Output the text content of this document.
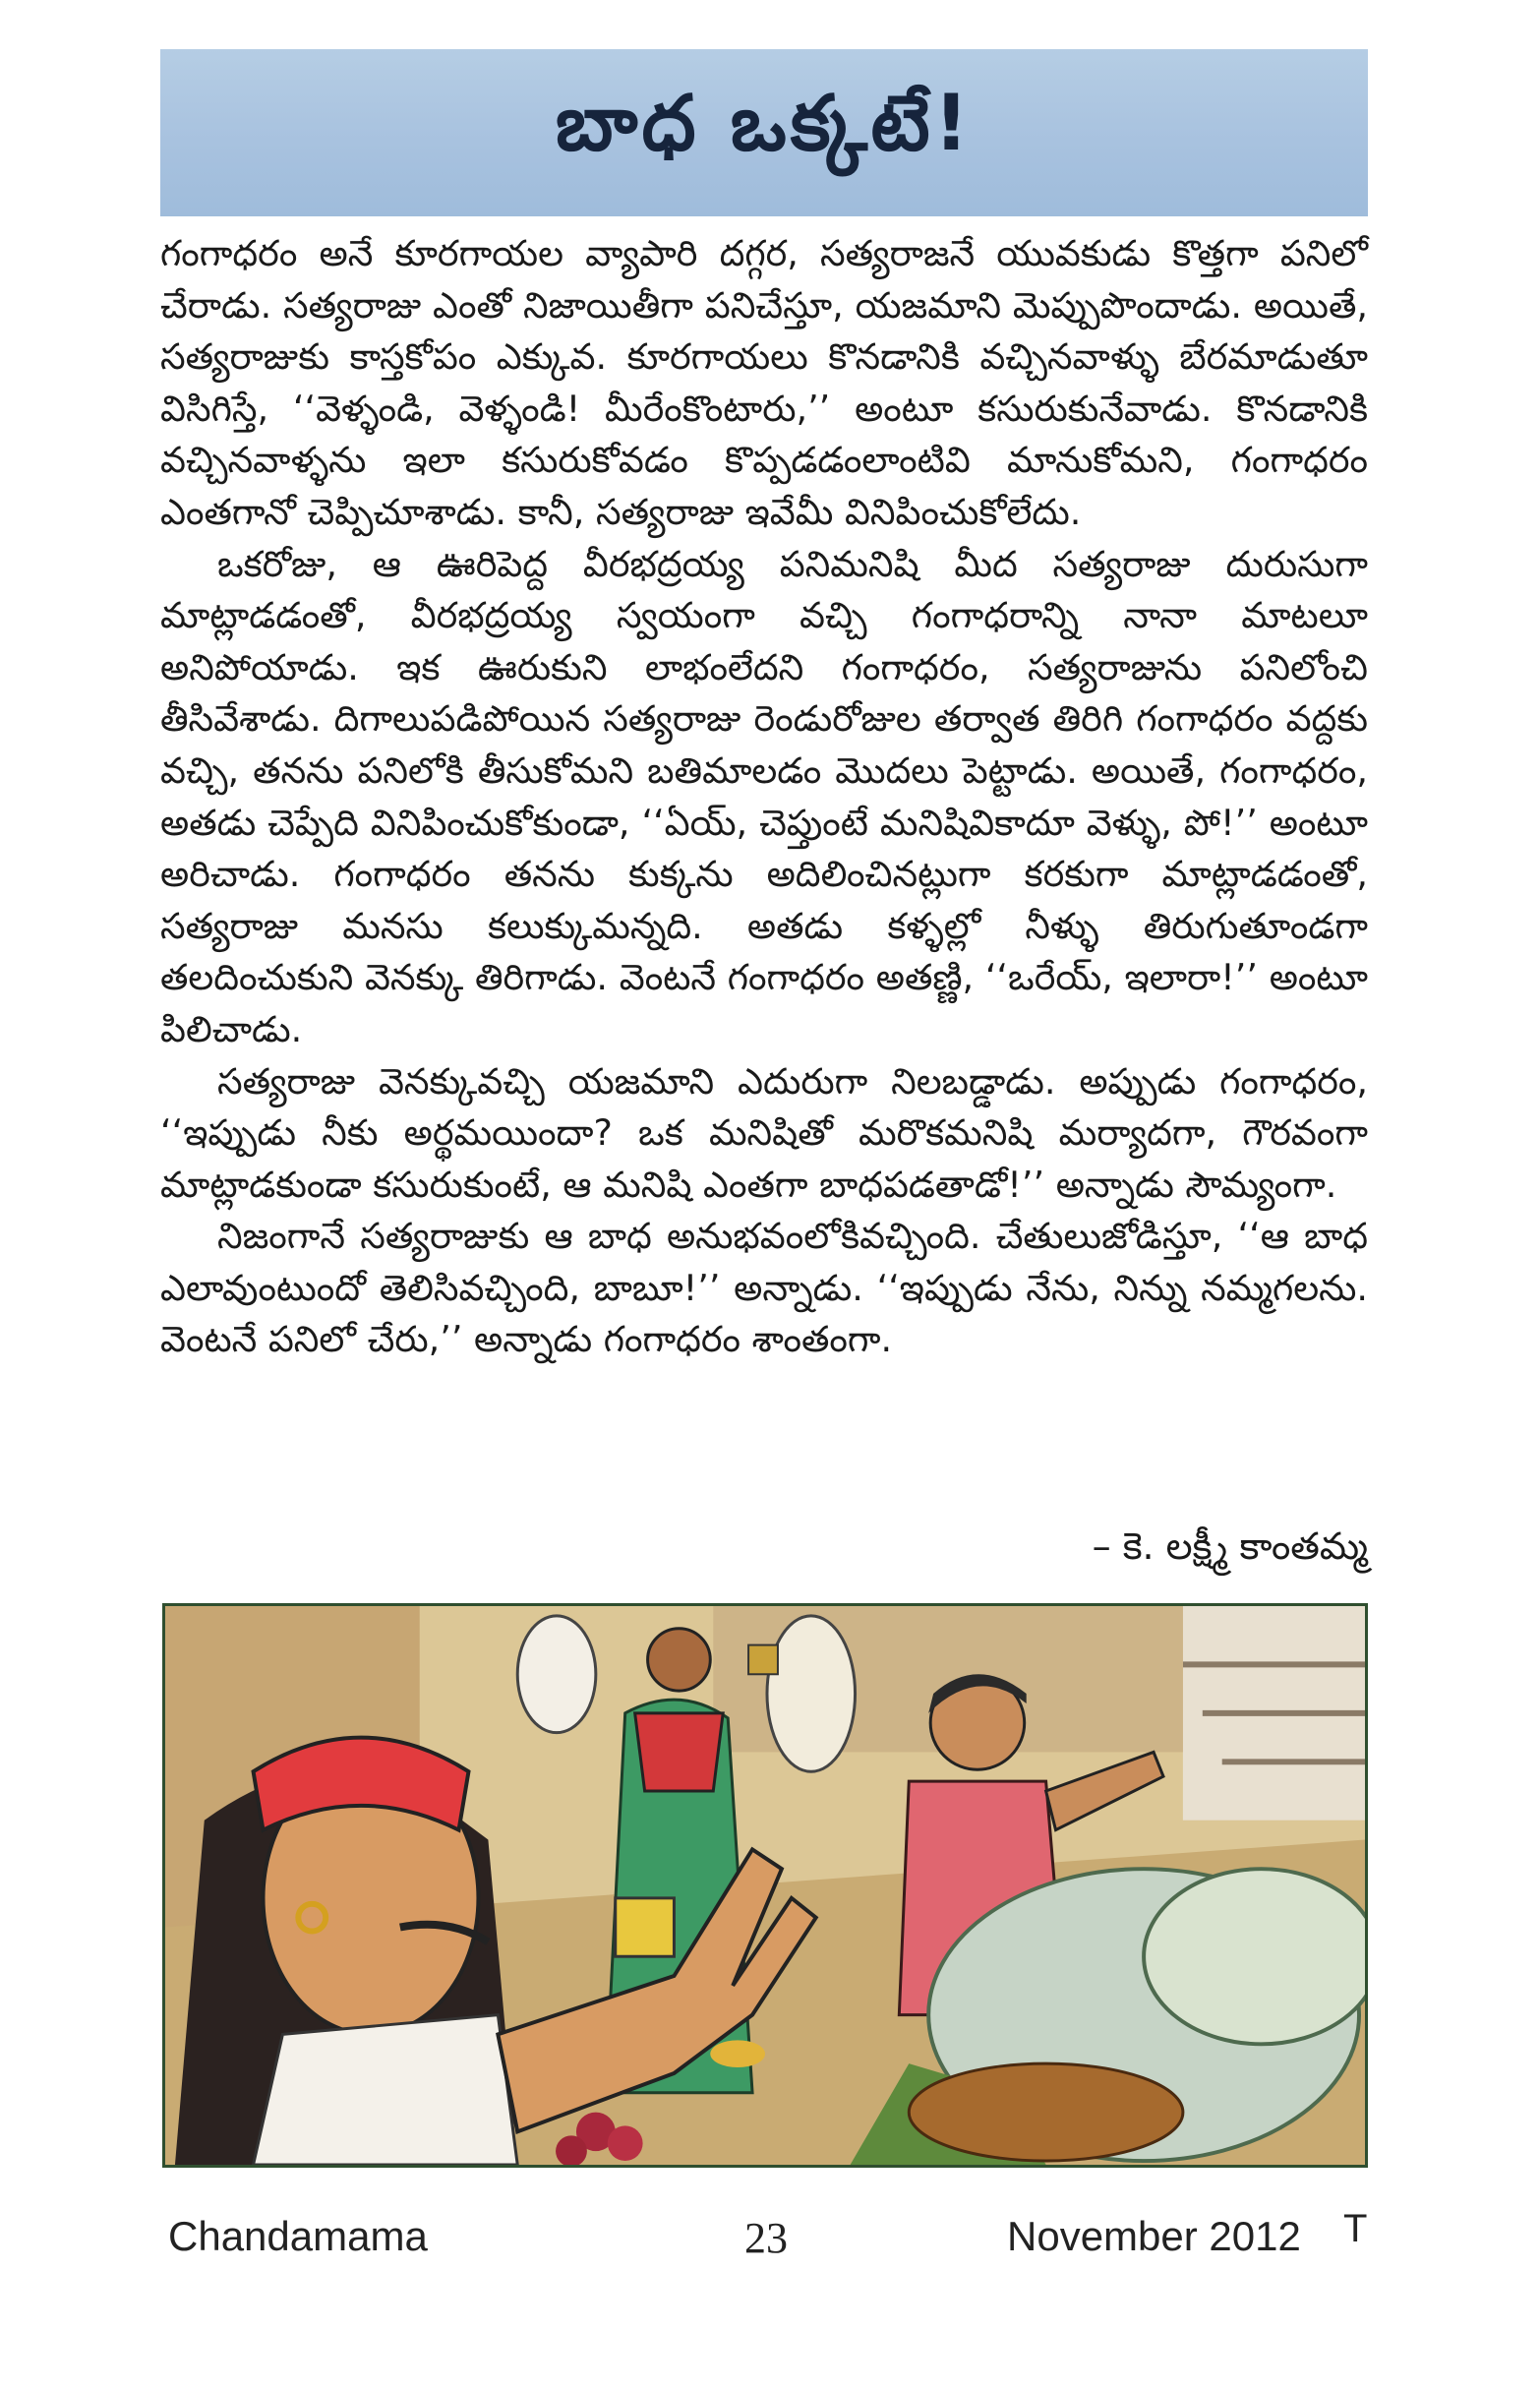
బాధ ఒక్కటే!

గంగాధరం అనే కూరగాయల వ్యాపారి దగ్గర, సత్యరాజనే యువకుడు కొత్తగా పనిలో చేరాడు. సత్యరాజు ఎంతో నిజాయితీగా పనిచేస్తూ, యజమాని మెప్పుపొందాడు. అయితే, సత్యరాజుకు కాస్తకోపం ఎక్కువ. కూరగాయలు కొనడానికి వచ్చినవాళ్ళు బేరమాడుతూ విసిగిస్తే, ‘‘వెళ్ళండి, వెళ్ళండి! మీరేంకొంటారు,’’ అంటూ కసురుకునేవాడు. కొనడానికి వచ్చినవాళ్ళను ఇలా కసురుకోవడం కొప్పడడంలాంటివి మానుకోమని, గంగాధరం ఎంతగానో చెప్పిచూశాడు. కానీ, సత్యరాజు ఇవేమీ వినిపించుకోలేదు.

ఒకరోజు, ఆ ఊరిపెద్ద వీరభద్రయ్య పనిమనిషి మీద సత్యరాజు దురుసుగా మాట్లాడడంతో, వీరభద్రయ్య స్వయంగా వచ్చి గంగాధరాన్ని నానా మాటలూ అనిపోయాడు. ఇక ఊరుకుని లాభంలేదని గంగాధరం, సత్యరాజును పనిలోంచి తీసివేశాడు. దిగాలుపడిపోయిన సత్యరాజు రెండురోజుల తర్వాత తిరిగి గంగాధరం వద్దకు వచ్చి, తనను పనిలోకి తీసుకోమని బతిమాలడం మొదలు పెట్టాడు. అయితే, గంగాధరం, అతడు చెప్పేది వినిపించుకోకుండా, ‘‘ఏయ్, చెప్తుంటే మనిషివికాదూ వెళ్ళు, పో!’’ అంటూ అరిచాడు. గంగాధరం తనను కుక్కను అదిలించినట్లుగా కరకుగా మాట్లాడడంతో, సత్యరాజు మనసు కలుక్కుమన్నది. అతడు కళ్ళల్లో నీళ్ళు తిరుగుతూండగా తలదించుకుని వెనక్కు తిరిగాడు. వెంటనే గంగాధరం అతణ్ణి, ‘‘ఒరేయ్, ఇలారా!’’ అంటూ పిలిచాడు.

సత్యరాజు వెనక్కువచ్చి యజమాని ఎదురుగా నిలబడ్డాడు. అప్పుడు గంగాధరం, ‘‘ఇప్పుడు నీకు అర్థమయిందా? ఒక మనిషితో మరొకమనిషి మర్యాదగా, గౌరవంగా మాట్లాడకుండా కసురుకుంటే, ఆ మనిషి ఎంతగా బాధపడతాడో!’’ అన్నాడు సౌమ్యంగా.

నిజంగానే సత్యరాజుకు ఆ బాధ అనుభవంలోకివచ్చింది. చేతులుజోడిస్తూ, ‘‘ఆ బాధ ఎలావుంటుందో తెలిసివచ్చింది, బాబూ!’’ అన్నాడు. ‘‘ఇప్పుడు నేను, నిన్ను నమ్మగలను. వెంటనే పనిలో చేరు,’’ అన్నాడు గంగాధరం శాంతంగా.

– కె. లక్ష్మీ కాంతమ్మ
Chandamama	23	November 2012 T
